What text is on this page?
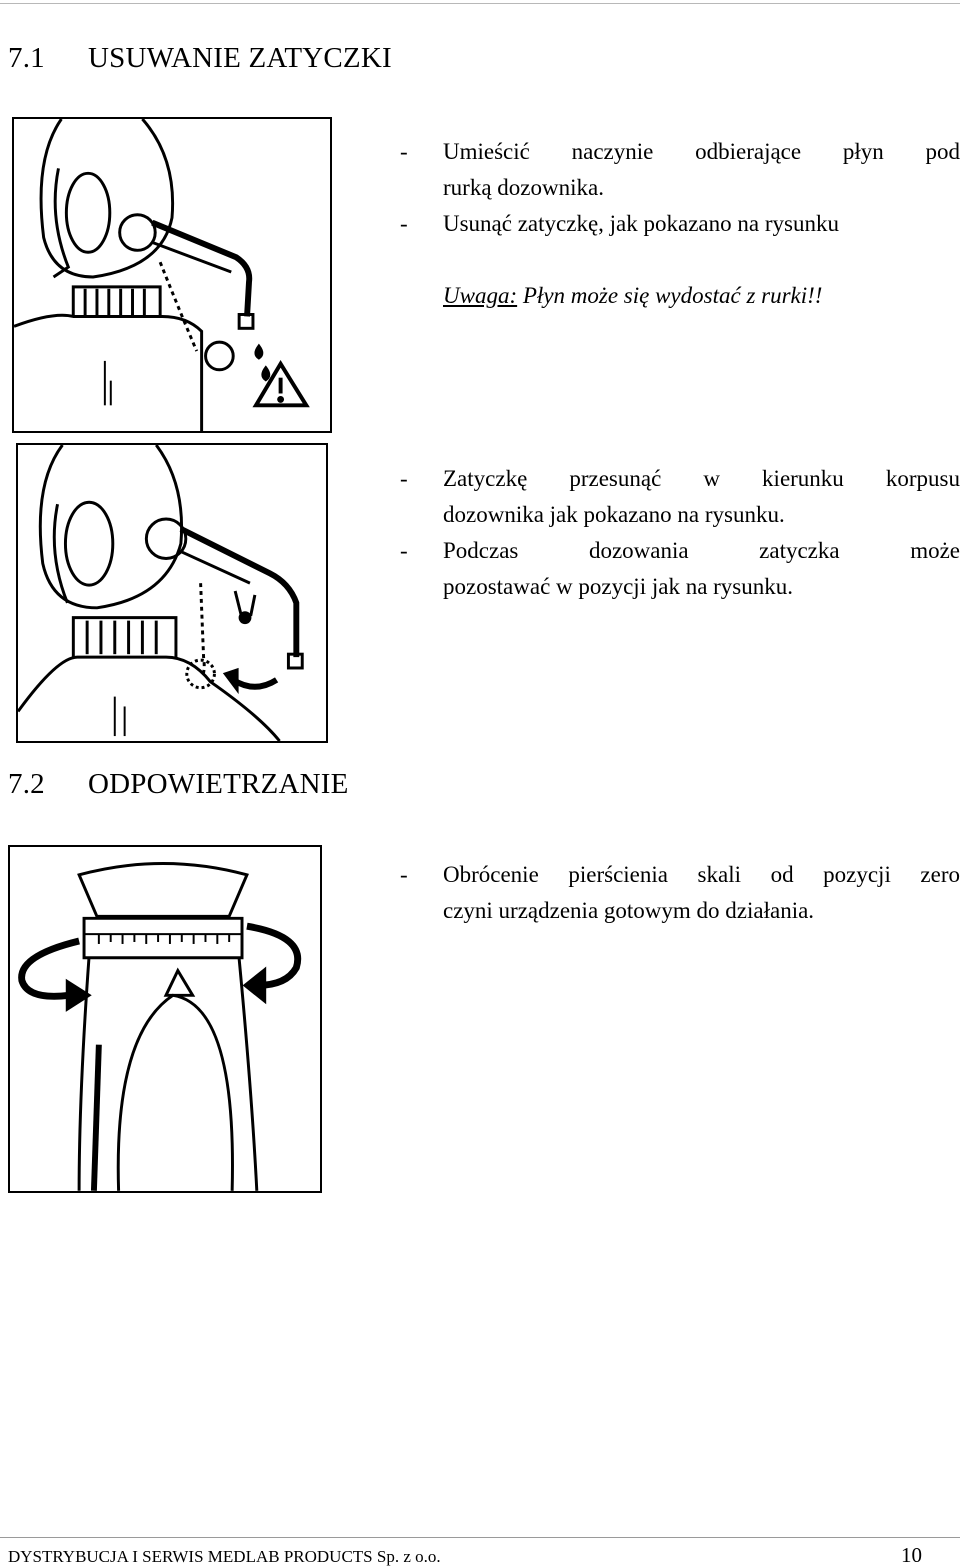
7.1 USUWANIE ZATYCZKI
-	Umieścić naczynie odbierające płyn pod
rurką dozownika.
-	Usunąć zatyczkę, jak pokazano na rysunku
Uwaga: Płyn może się wydostać z rurki!!
-	Zatyczkę przesunąć w kierunku korpusu
dozownika jak pokazano na rysunku.
-	Podczas dozowania zatyczka może
pozostawać w pozycji jak na rysunku.
7.2 ODPOWIETRZANIE
-	Obrócenie pierścienia skali od pozycji zero
czyni urządzenia gotowym do działania.
DYSTRYBUCJA I SERWIS MEDLAB PRODUCTS Sp. z o.o.	10
